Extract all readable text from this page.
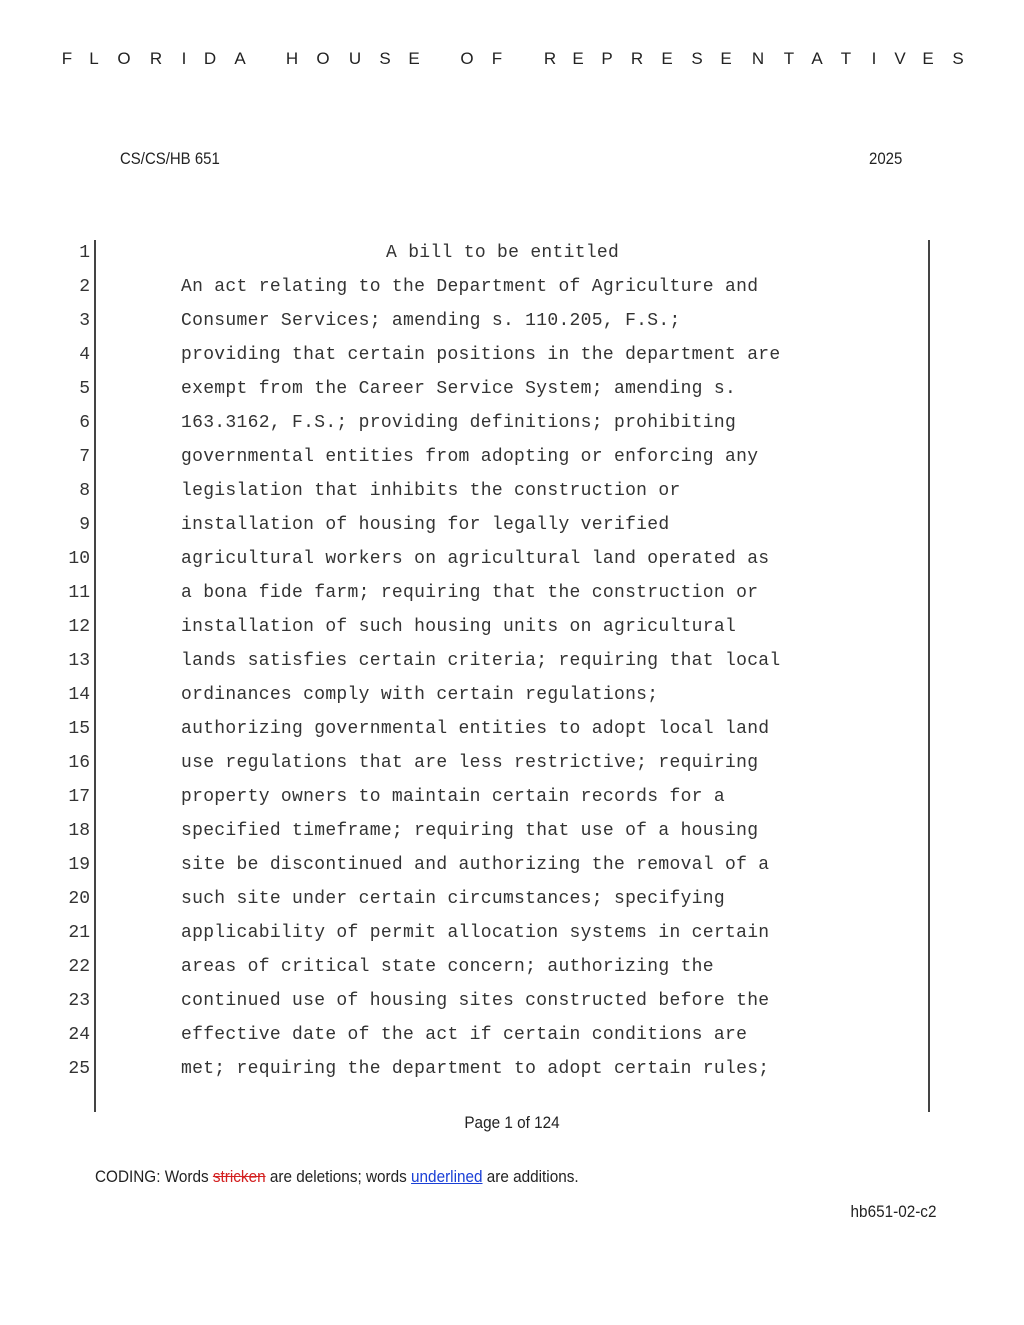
F	L	O R	I	D A H O U S E O F R E P R E S E N T A T	I	V E S
CS/CS/HB 651	2025
1	A bill to be entitled
2	An act relating to the Department of Agriculture and
3	Consumer Services; amending s. 110.205, F.S.;
4	providing that certain positions in the department are
5	exempt from the Career Service System; amending s.
6	163.3162, F.S.; providing definitions; prohibiting
7	governmental entities from adopting or enforcing any
8	legislation that inhibits the construction or
9	installation of housing for legally verified
10	agricultural workers on agricultural land operated as
11	a bona fide farm; requiring that the construction or
12	installation of such housing units on agricultural
13	lands satisfies certain criteria; requiring that local
14	ordinances comply with certain regulations;
15	authorizing governmental entities to adopt local land
16	use regulations that are less restrictive; requiring
17	property owners to maintain certain records for a
18	specified timeframe; requiring that use of a housing
19	site be discontinued and authorizing the removal of a
20	such site under certain circumstances; specifying
21	applicability of permit allocation systems in certain
22	areas of critical state concern; authorizing the
23	continued use of housing sites constructed before the
24	effective date of the act if certain conditions are
25	met; requiring the department to adopt certain rules;
Page 1 of 124
CODING: Words stricken are deletions; words underlined are additions.
hb651-02-c2
